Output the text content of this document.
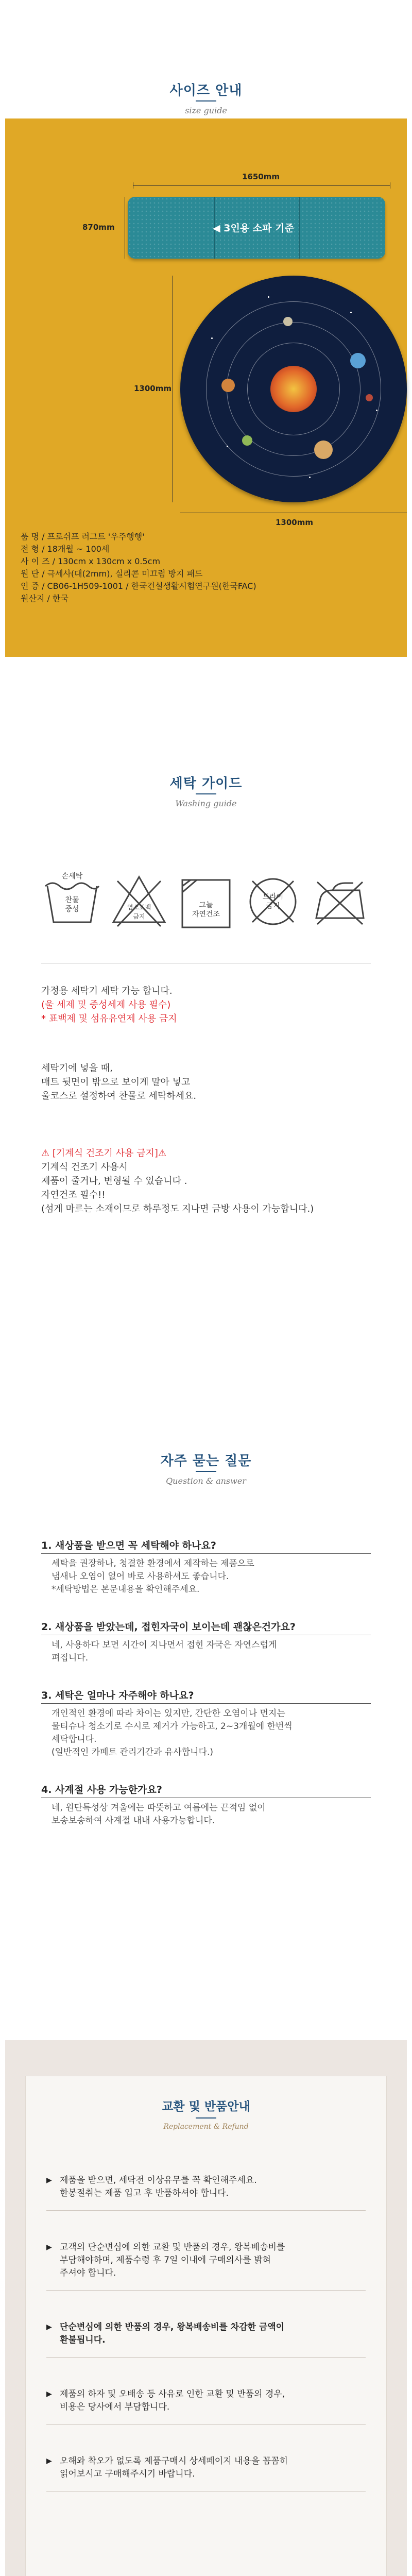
사이즈 안내
size guide
1650mm
870mm	◀ 3인용 소파 기준
1300mm
1300mm
품 명 / 프로쉬프 러그트 '우주행행'
전 형 / 18개월 ~ 100세
사 이 즈 / 130cm x 130cm x 0.5cm
원 단 / 극세사(대(2mm), 실리콘 미끄럼 방지 패드
인 증 / CB06-1H509-1001 / 한국건설생활시험연구원(한국FAC)
원산지 / 한국
세탁 가이드
Washing guide
손세탁
찬물
중성	염소표백
금지
그늘
자연건조
드라이
금지
가정용 세탁기 세탁 가능 합니다.
(울 세제 및 중성세제 사용 필수)
* 표백제 및 섬유유연제 사용 금지
세탁기에 넣을 때,
매트 뒷면이 밖으로 보이게 말아 넣고
울코스로 설정하여 찬물로 세탁하세요.
⚠ [기계식 건조기 사용 금지]⚠
기계식 건조기 사용시
제품이 줄거나, 변형될 수 있습니다 .
자연건조 필수!!
(섬게 마르는 소재이므로 하루정도 지나면 금방 사용이 가능합니다.)
자주 묻는 질문
Question & answer
1. 새상품을 받으면 꼭 세탁해야 하나요?
세탁을 권장하나, 청결한 환경에서 제작하는 제품으로
냄새나 오염이 없어 바로 사용하셔도 좋습니다.
*세탁방법은 본문내용을 확인해주세요.
2. 새상품을 받았는데, 접힌자국이 보이는데 괜찮은건가요?
네, 사용하다 보면 시간이 지나면서 접힌 자국은 자연스럽게
펴집니다.
3. 세탁은 얼마나 자주해야 하나요?
개인적인 환경에 따라 차이는 있지만, 간단한 오염이나 먼지는
물티슈나 청소기로 수시로 제거가 가능하고, 2~3개월에 한번씩
세탁합니다.
(일반적인 카페트 관리기간과 유사합니다.)
4. 사계절 사용 가능한가요?
네, 원단특성상 겨울에는 따뜻하고 여름에는 끈적임 없이
보송보송하여 사계절 내내 사용가능합니다.
교환 및 반품안내
Replacement & Refund
▶ 제품을 받으면, 세탁전 이상유무를 꼭 확인해주세요.
한봉절취는 제품 입고 후 반품하셔야 합니다.
▶ 고객의 단순변심에 의한 교환 및 반품의 경우, 왕복배송비를
부담해야하며, 제품수령 후 7일 이내에 구매의사를 밝혀
주셔야 합니다.
▶ 단순변심에 의한 반품의 경우, 왕복배송비를 차감한 금액이
환불됩니다.
▶ 제품의 하자 및 오배송 등 사유로 인한 교환 및 반품의 경우,
비용은 당사에서 부담합니다.
▶ 오해와 착오가 없도록 제품구매시 상세페이지 내용을 꼼꼼히
읽어보시고 구매해주시기 바랍니다.
